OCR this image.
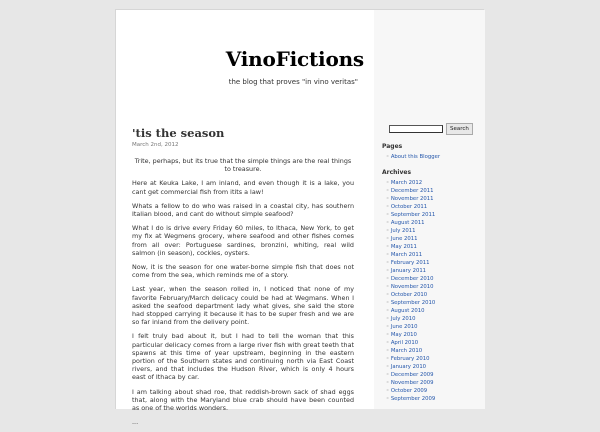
VinoFictions
the blog that proves "in vino veritas"
'tis the season
March 2nd, 2012

Trite, perhaps, but its true that the simple things are the real things to treasure.

Here at Keuka Lake, I am inland, and even though it is a lake, you cant get commercial fish from itits a law!

Whats a fellow to do who was raised in a coastal city, has southern Italian blood, and cant do without simple seafood?

What I do is drive every Friday 60 miles, to Ithaca, New York, to get my fix at Wegmens grocery, where seafood and other fishes comes from all over: Portuguese sardines, bronzini, whiting, real wild salmon (in season), cockles, oysters.

Now, it is the season for one water-borne simple fish that does not come from the sea, which reminds me of a story.

Last year, when the season rolled in, I noticed that none of my favorite February/March delicacy could be had at Wegmans. When I asked the seafood department lady what gives, she said the store had stopped carrying it because it has to be super fresh and we are so far inland from the delivery point.

I felt truly bad about it, but I had to tell the woman that this particular delicacy comes from a large river fish with great teeth that spawns at this time of year upstream, beginning in the eastern portion of the Southern states and continuing north via East Coast rivers, and that includes the Hudson River, which is only 4 hours east of Ithaca by car.

I am talking about shad roe, that reddish-brown sack of shad eggs that, along with the Maryland blue crab should have been counted as one of the worlds wonders.

...

Search
Pages
◦ About this Blogger
Archives
◦ March 2012
◦ December 2011
◦ November 2011
◦ October 2011
◦ September 2011
◦ August 2011
◦ July 2011
◦ June 2011
◦ May 2011
◦ March 2011
◦ February 2011
◦ January 2011
◦ December 2010
◦ November 2010
◦ October 2010
◦ September 2010
◦ August 2010
◦ July 2010
◦ June 2010
◦ May 2010
◦ April 2010
◦ March 2010
◦ February 2010
◦ January 2010
◦ December 2009
◦ November 2009
◦ October 2009
◦ September 2009
